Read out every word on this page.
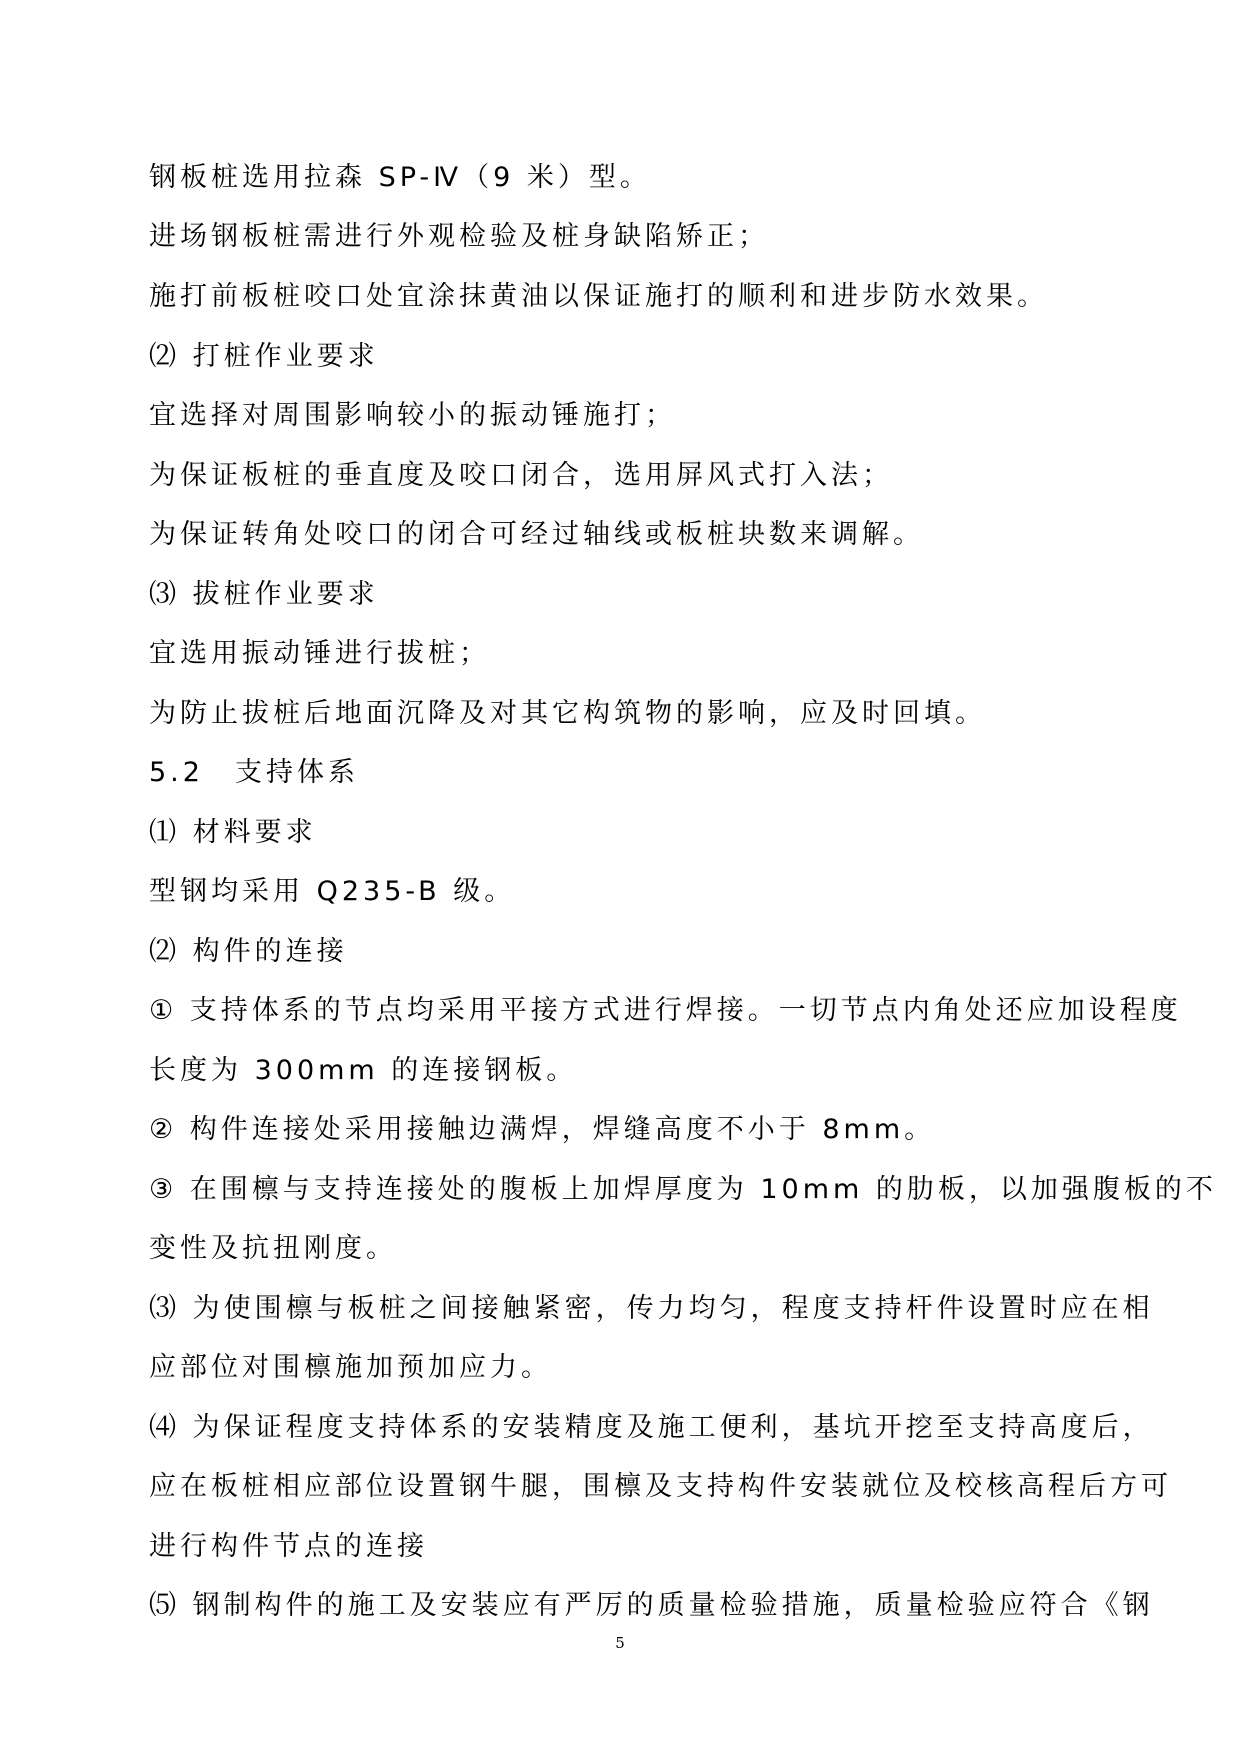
钢板桩选用拉森 SP-Ⅳ（9 米）型。
进场钢板桩需进行外观检验及桩身缺陷矫正；
施打前板桩咬口处宜涂抹黄油以保证施打的顺利和进步防水效果。
⑵ 打桩作业要求
宜选择对周围影响较小的振动锤施打；
为保证板桩的垂直度及咬口闭合，选用屏风式打入法；
为保证转角处咬口的闭合可经过轴线或板桩块数来调解。
⑶ 拔桩作业要求
宜选用振动锤进行拔桩；
为防止拔桩后地面沉降及对其它构筑物的影响，应及时回填。
5.2　支持体系
⑴ 材料要求
型钢均采用 Q235-B 级。
⑵ 构件的连接
① 支持体系的节点均采用平接方式进行焊接。一切节点内角处还应加设程度
长度为 300mm 的连接钢板。
② 构件连接处采用接触边满焊，焊缝高度不小于 8mm。
③ 在围檩与支持连接处的腹板上加焊厚度为 10mm 的肋板，以加强腹板的不
变性及抗扭刚度。
⑶ 为使围檩与板桩之间接触紧密，传力均匀，程度支持杆件设置时应在相
应部位对围檩施加预加应力。
⑷ 为保证程度支持体系的安装精度及施工便利，基坑开挖至支持高度后，
应在板桩相应部位设置钢牛腿，围檩及支持构件安装就位及校核高程后方可
进行构件节点的连接
⑸ 钢制构件的施工及安装应有严厉的质量检验措施，质量检验应符合《钢
5
